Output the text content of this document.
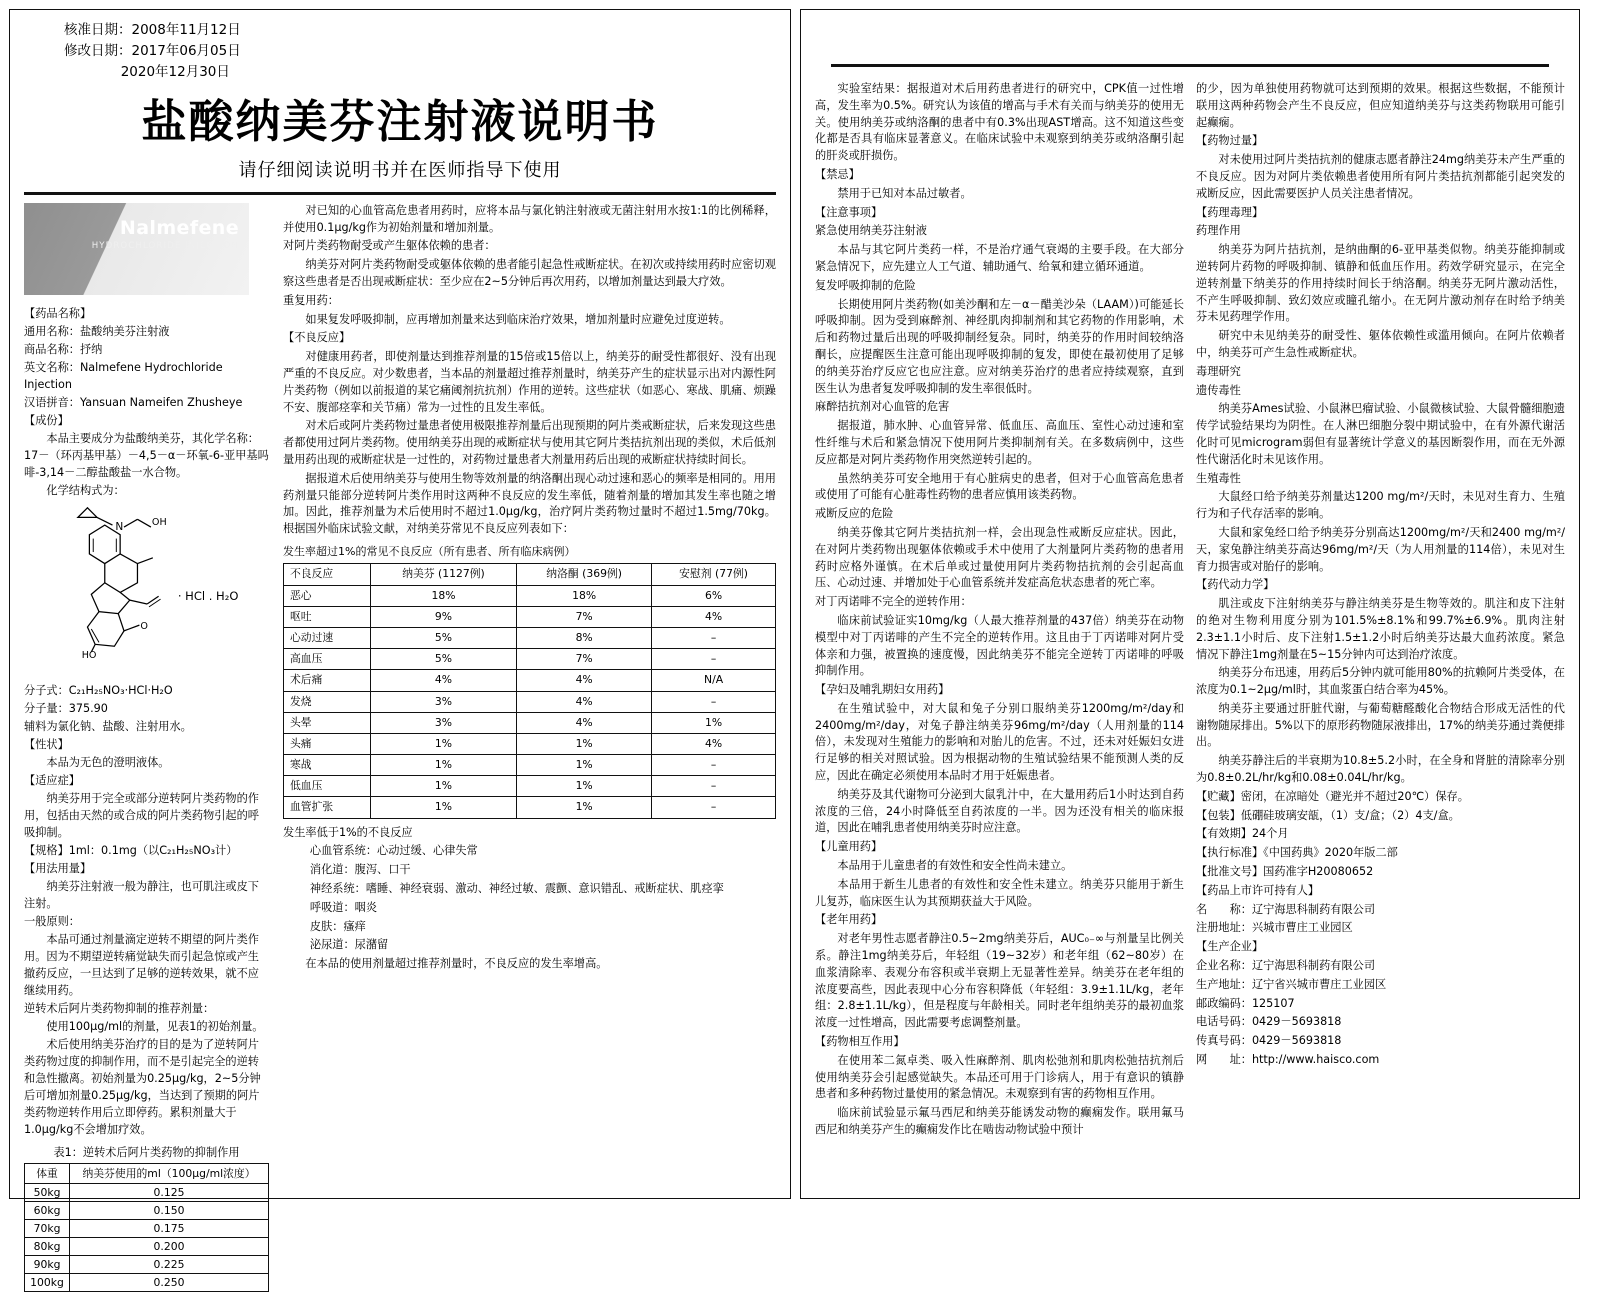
核准日期：2008年11月12日
修改日期：2017年06月05日
2020年12月30日
盐酸纳美芬注射液说明书
请仔细阅读说明书并在医师指导下使用
Nalmefene
HYDROCHLORIDE INJECTION

【药品名称】

通用名称：盐酸纳美芬注射液

商品名称：抒纳

英文名称：Nalmefene Hydrochloride Injection

汉语拼音：Yansuan Nameifen Zhusheye

【成份】

本品主要成分为盐酸纳美芬，其化学名称：17－（环丙基甲基）－4,5－α－环氧-6-亚甲基吗啡-3,14－二醇盐酸盐一水合物。

化学结构式为：

N	OH
O
HO
· HCl . H₂O

分子式：C₂₁H₂₅NO₃·HCl·H₂O

分子量：375.90

辅料为氯化钠、盐酸、注射用水。

【性状】

本品为无色的澄明液体。

【适应症】

纳美芬用于完全或部分逆转阿片类药物的作用，包括由天然的或合成的阿片类药物引起的呼吸抑制。

【规格】1ml：0.1mg（以C₂₁H₂₅NO₃计）

【用法用量】

纳美芬注射液一般为静注，也可肌注或皮下注射。

一般原则：

本品可通过剂量滴定逆转不期望的阿片类作用。因为不期望逆转痛觉缺失而引起急惊或产生撤药反应，一旦达到了足够的逆转效果，就不应继续用药。

逆转术后阿片类药物抑制的推荐剂量：

使用100μg/ml的剂量，见表1的初始剂量。

术后使用纳美芬治疗的目的是为了逆转阿片类药物过度的抑制作用，而不是引起完全的逆转和急性撤离。初始剂量为0.25μg/kg，2~5分钟后可增加剂量0.25μg/kg，当达到了预期的阿片类药物逆转作用后立即停药。累积剂量大于1.0μg/kg不会增加疗效。

表1：逆转术后阿片类药物的抑制作用
体重	纳美芬使用的ml（100μg/ml浓度）
50kg	0.125
60kg	0.150
70kg	0.175
80kg	0.200
90kg	0.225
100kg	0.250

对已知的心血管高危患者用药时，应将本品与氯化钠注射液或无菌注射用水按1:1的比例稀释，并使用0.1μg/kg作为初始剂量和增加剂量。

对阿片类药物耐受或产生躯体依赖的患者：

纳美芬对阿片类药物耐受或躯体依赖的患者能引起急性戒断症状。在初次或持续用药时应密切观察这些患者是否出现戒断症状：至少应在2~5分钟后再次用药，以增加剂量达到最大疗效。

重复用药：

如果复发呼吸抑制，应再增加剂量来达到临床治疗效果，增加剂量时应避免过度逆转。

【不良反应】

对健康用药者，即使剂量达到推荐剂量的15倍或15倍以上，纳美芬的耐受性都很好、没有出现严重的不良反应。对少数患者，当本品的剂量超过推荐剂量时，纳美芬产生的症状显示出对内源性阿片类药物（例如以前报道的某它痛阈剂抗抗剂）作用的逆转。这些症状（如恶心、寒战、肌痛、烦躁不安、腹部痉挛和关节痛）常为一过性的且发生率低。

对术后或阿片类药物过量患者使用极限推荐剂量后出现预期的阿片类戒断症状，后来发现这些患者都使用过阿片类药物。使用纳美芬出现的戒断症状与使用其它阿片类拮抗剂出现的类似，术后低剂量用药出现的戒断症状是一过性的，对药物过量患者大剂量用药后出现的戒断症状持续时间长。

据报道术后使用纳美芬与使用生物等效剂量的纳洛酮出现心动过速和恶心的频率是相同的。用用药剂量只能部分逆转阿片类作用时这两种不良反应的发生率低，随着剂量的增加其发生率也随之增加。因此，推荐剂量为术后使用时不超过1.0μg/kg，治疗阿片类药物过量时不超过1.5mg/70kg。根据国外临床试验文献，对纳美芬常见不良反应列表如下：

发生率超过1%的常见不良反应（所有患者、所有临床病例）
不良反应	纳美芬 (1127例)	纳洛酮 (369例)	安慰剂 (77例)
恶心	18%	18%	6%
呕吐	9%	7%	4%
心动过速	5%	8%	–
高血压	5%	7%	–
术后痛	4%	4%	N/A
发烧	3%	4%	–
头晕	3%	4%	1%
头痛	1%	1%	4%
寒战	1%	1%	–
低血压	1%	1%	–
血管扩张	1%	1%	–

发生率低于1%的不良反应

心血管系统：心动过缓、心律失常

消化道：腹泻、口干

神经系统：嗜睡、神经衰弱、激动、神经过敏、震颤、意识错乱、戒断症状、肌痉挛

呼吸道：咽炎

皮肤：瘙痒

泌尿道：尿潴留

在本品的使用剂量超过推荐剂量时，不良反应的发生率增高。

实验室结果：据报道对术后用药患者进行的研究中，CPK值一过性增高，发生率为0.5%。研究认为该值的增高与手术有关而与纳美芬的使用无关。使用纳美芬或纳洛酮的患者中有0.3%出现AST增高。这不知道这些变化都是否具有临床显著意义。在临床试验中未观察到纳美芬或纳洛酮引起的肝炎或肝损伤。

【禁忌】

禁用于已知对本品过敏者。

【注意事项】

紧急使用纳美芬注射液

本品与其它阿片类药一样，不是治疗通气衰竭的主要手段。在大部分紧急情况下，应先建立人工气道、辅助通气、给氧和建立循环通道。

复发呼吸抑制的危险

长期使用阿片类药物(如美沙酮和左－α－醋美沙朵（LAAM）)可能延长呼吸抑制。因为受到麻醉剂、神经肌肉抑制剂和其它药物的作用影响，术后和药物过量后出现的呼吸抑制经复杂。同时，纳美芬的作用时间较纳洛酮长，应提醒医生注意可能出现呼吸抑制的复发，即使在最初使用了足够的纳美芬治疗反应它也应注意。应对纳美芬治疗的患者应持续观察，直到医生认为患者复发呼吸抑制的发生率很低时。

麻醉拮抗剂对心血管的危害

据报道，肺水肿、心血管异常、低血压、高血压、室性心动过速和室性纤维与术后和紧急情况下使用阿片类抑制剂有关。在多数病例中，这些反应都是对阿片类药物作用突然逆转引起的。

虽然纳美芬可安全地用于有心脏病史的患者，但对于心血管高危患者或使用了可能有心脏毒性药物的患者应慎用该类药物。

戒断反应的危险

纳美芬像其它阿片类拮抗剂一样，会出现急性戒断反应症状。因此，在对阿片类药物出现躯体依赖或手术中使用了大剂量阿片类药物的患者用药时应格外谨慎。在术后单或过量使用阿片类药物拮抗剂的会引起高血压、心动过速、并增加处于心血管系统并发症高危状态患者的死亡率。

对丁丙诺啡不完全的逆转作用：

临床前试验证实10mg/kg（人最大推荐剂量的437倍）纳美芬在动物模型中对丁丙诺啡的产生不完全的逆转作用。这且由于丁丙诺啡对阿片受体亲和力强，被置换的速度慢，因此纳美芬不能完全逆转丁丙诺啡的呼吸抑制作用。

【孕妇及哺乳期妇女用药】

在生殖试验中，对大鼠和兔子分别口服纳美芬1200mg/m²/day和2400mg/m²/day，对兔子静注纳美芬96mg/m²/day（人用剂量的114倍），未发现对生殖能力的影响和对胎儿的危害。不过，还未对妊娠妇女进行足够的相关对照试验。因为根据动物的生殖试验结果不能预测人类的反应，因此在确定必须使用本品时才用于妊娠患者。

纳美芬及其代谢物可分泌到大鼠乳汁中，在大量用药后1小时达到自药浓度的三倍，24小时降低至自药浓度的一半。因为还没有相关的临床报道，因此在哺乳患者使用纳美芬时应注意。

【儿童用药】

本品用于儿童患者的有效性和安全性尚未建立。

本品用于新生儿患者的有效性和安全性未建立。纳美芬只能用于新生儿复苏，临床医生认为其预期获益大于风险。

【老年用药】

对老年男性志愿者静注0.5~2mg纳美芬后，AUC₀₋∞与剂量呈比例关系。静注1mg纳美芬后，年轻组（19~32岁）和老年组（62~80岁）在血浆清除率、表观分布容积或半衰期上无显著性差异。纳美芬在老年组的浓度要高些，因此表现中心分布容积降低（年轻组：3.9±1.1L/kg，老年组：2.8±1.1L/kg），但是程度与年龄相关。同时老年组纳美芬的最初血浆浓度一过性增高，因此需要考虑调整剂量。

【药物相互作用】

在使用苯二氮卓类、吸入性麻醉剂、肌肉松弛剂和肌肉松弛拮抗剂后使用纳美芬会引起感觉缺失。本品还可用于门诊病人，用于有意识的镇静患者和多种药物过量使用的紧急情况。未观察到有害的药物相互作用。

临床前试验显示氟马西尼和纳美芬能诱发动物的癫痫发作。联用氟马西尼和纳美芬产生的癫痫发作比在啮齿动物试验中预计

的少，因为单独使用药物就可达到预期的效果。根据这些数据，不能预计联用这两种药物会产生不良反应，但应知道纳美芬与这类药物联用可能引起癫痫。

【药物过量】

对未使用过阿片类拮抗剂的健康志愿者静注24mg纳美芬未产生严重的不良反应。因为对阿片类依赖患者使用所有阿片类拮抗剂都能引起突发的戒断反应，因此需要医护人员关注患者情况。

【药理毒理】

药理作用

纳美芬为阿片拮抗剂，是纳曲酮的6-亚甲基类似物。纳美芬能抑制或逆转阿片药物的呼吸抑制、镇静和低血压作用。药效学研究显示，在完全逆转剂量下纳美芬的作用持续时间长于纳洛酮。纳美芬无阿片激动活性，不产生呼吸抑制、致幻效应或瞳孔缩小。在无阿片激动剂存在时给予纳美芬未见药理学作用。

研究中未见纳美芬的耐受性、躯体依赖性或滥用倾向。在阿片依赖者中，纳美芬可产生急性戒断症状。

毒理研究

遗传毒性

纳美芬Ames试验、小鼠淋巴瘤试验、小鼠微核试验、大鼠骨髓细胞遗传学试验结果均为阴性。在人淋巴细胞分裂中期试验中，在有外源代谢活化时可见microgram弱但有显著统计学意义的基因断裂作用，而在无外源性代谢活化时未见该作用。

生殖毒性

大鼠经口给予纳美芬剂量达1200 mg/m²/天时，未见对生育力、生殖行为和子代存活率的影响。

大鼠和家兔经口给予纳美芬分别高达1200mg/m²/天和2400 mg/m²/天，家兔静注纳美芬高达96mg/m²/天（为人用剂量的114倍），未见对生育力损害或对胎仔的影响。

【药代动力学】

肌注或皮下注射纳美芬与静注纳美芬是生物等效的。肌注和皮下注射的绝对生物利用度分别为101.5%±8.1%和99.7%±6.9%。肌肉注射2.3±1.1小时后、皮下注射1.5±1.2小时后纳美芬达最大血药浓度。紧急情况下静注1mg剂量在5~15分钟内可达到治疗浓度。

纳美芬分布迅速，用药后5分钟内就可能用80%的抗赖阿片类受体，在浓度为0.1~2μg/ml时，其血浆蛋白结合率为45%。

纳美芬主要通过肝脏代谢，与葡萄糖醛酸化合物结合形成无活性的代谢物随尿排出。5%以下的原形药物随尿液排出，17%的纳美芬通过粪便排出。

纳美芬静注后的半衰期为10.8±5.2小时，在全身和肾脏的清除率分别为0.8±0.2L/hr/kg和0.08±0.04L/hr/kg。

【贮藏】密闭，在凉暗处（避光并不超过20℃）保存。

【包装】低硼硅玻璃安瓿，（1）支/盒；（2）4支/盒。

【有效期】24个月

【执行标准】《中国药典》2020年版二部

【批准文号】国药准字H20080652

【药品上市许可持有人】

名　　称：辽宁海思科制药有限公司

注册地址：兴城市曹庄工业园区

【生产企业】

企业名称：辽宁海思科制药有限公司

生产地址：辽宁省兴城市曹庄工业园区

邮政编码：125107

电话号码：0429－5693818

传真号码：0429－5693818

网　　址：http://www.haisco.com
